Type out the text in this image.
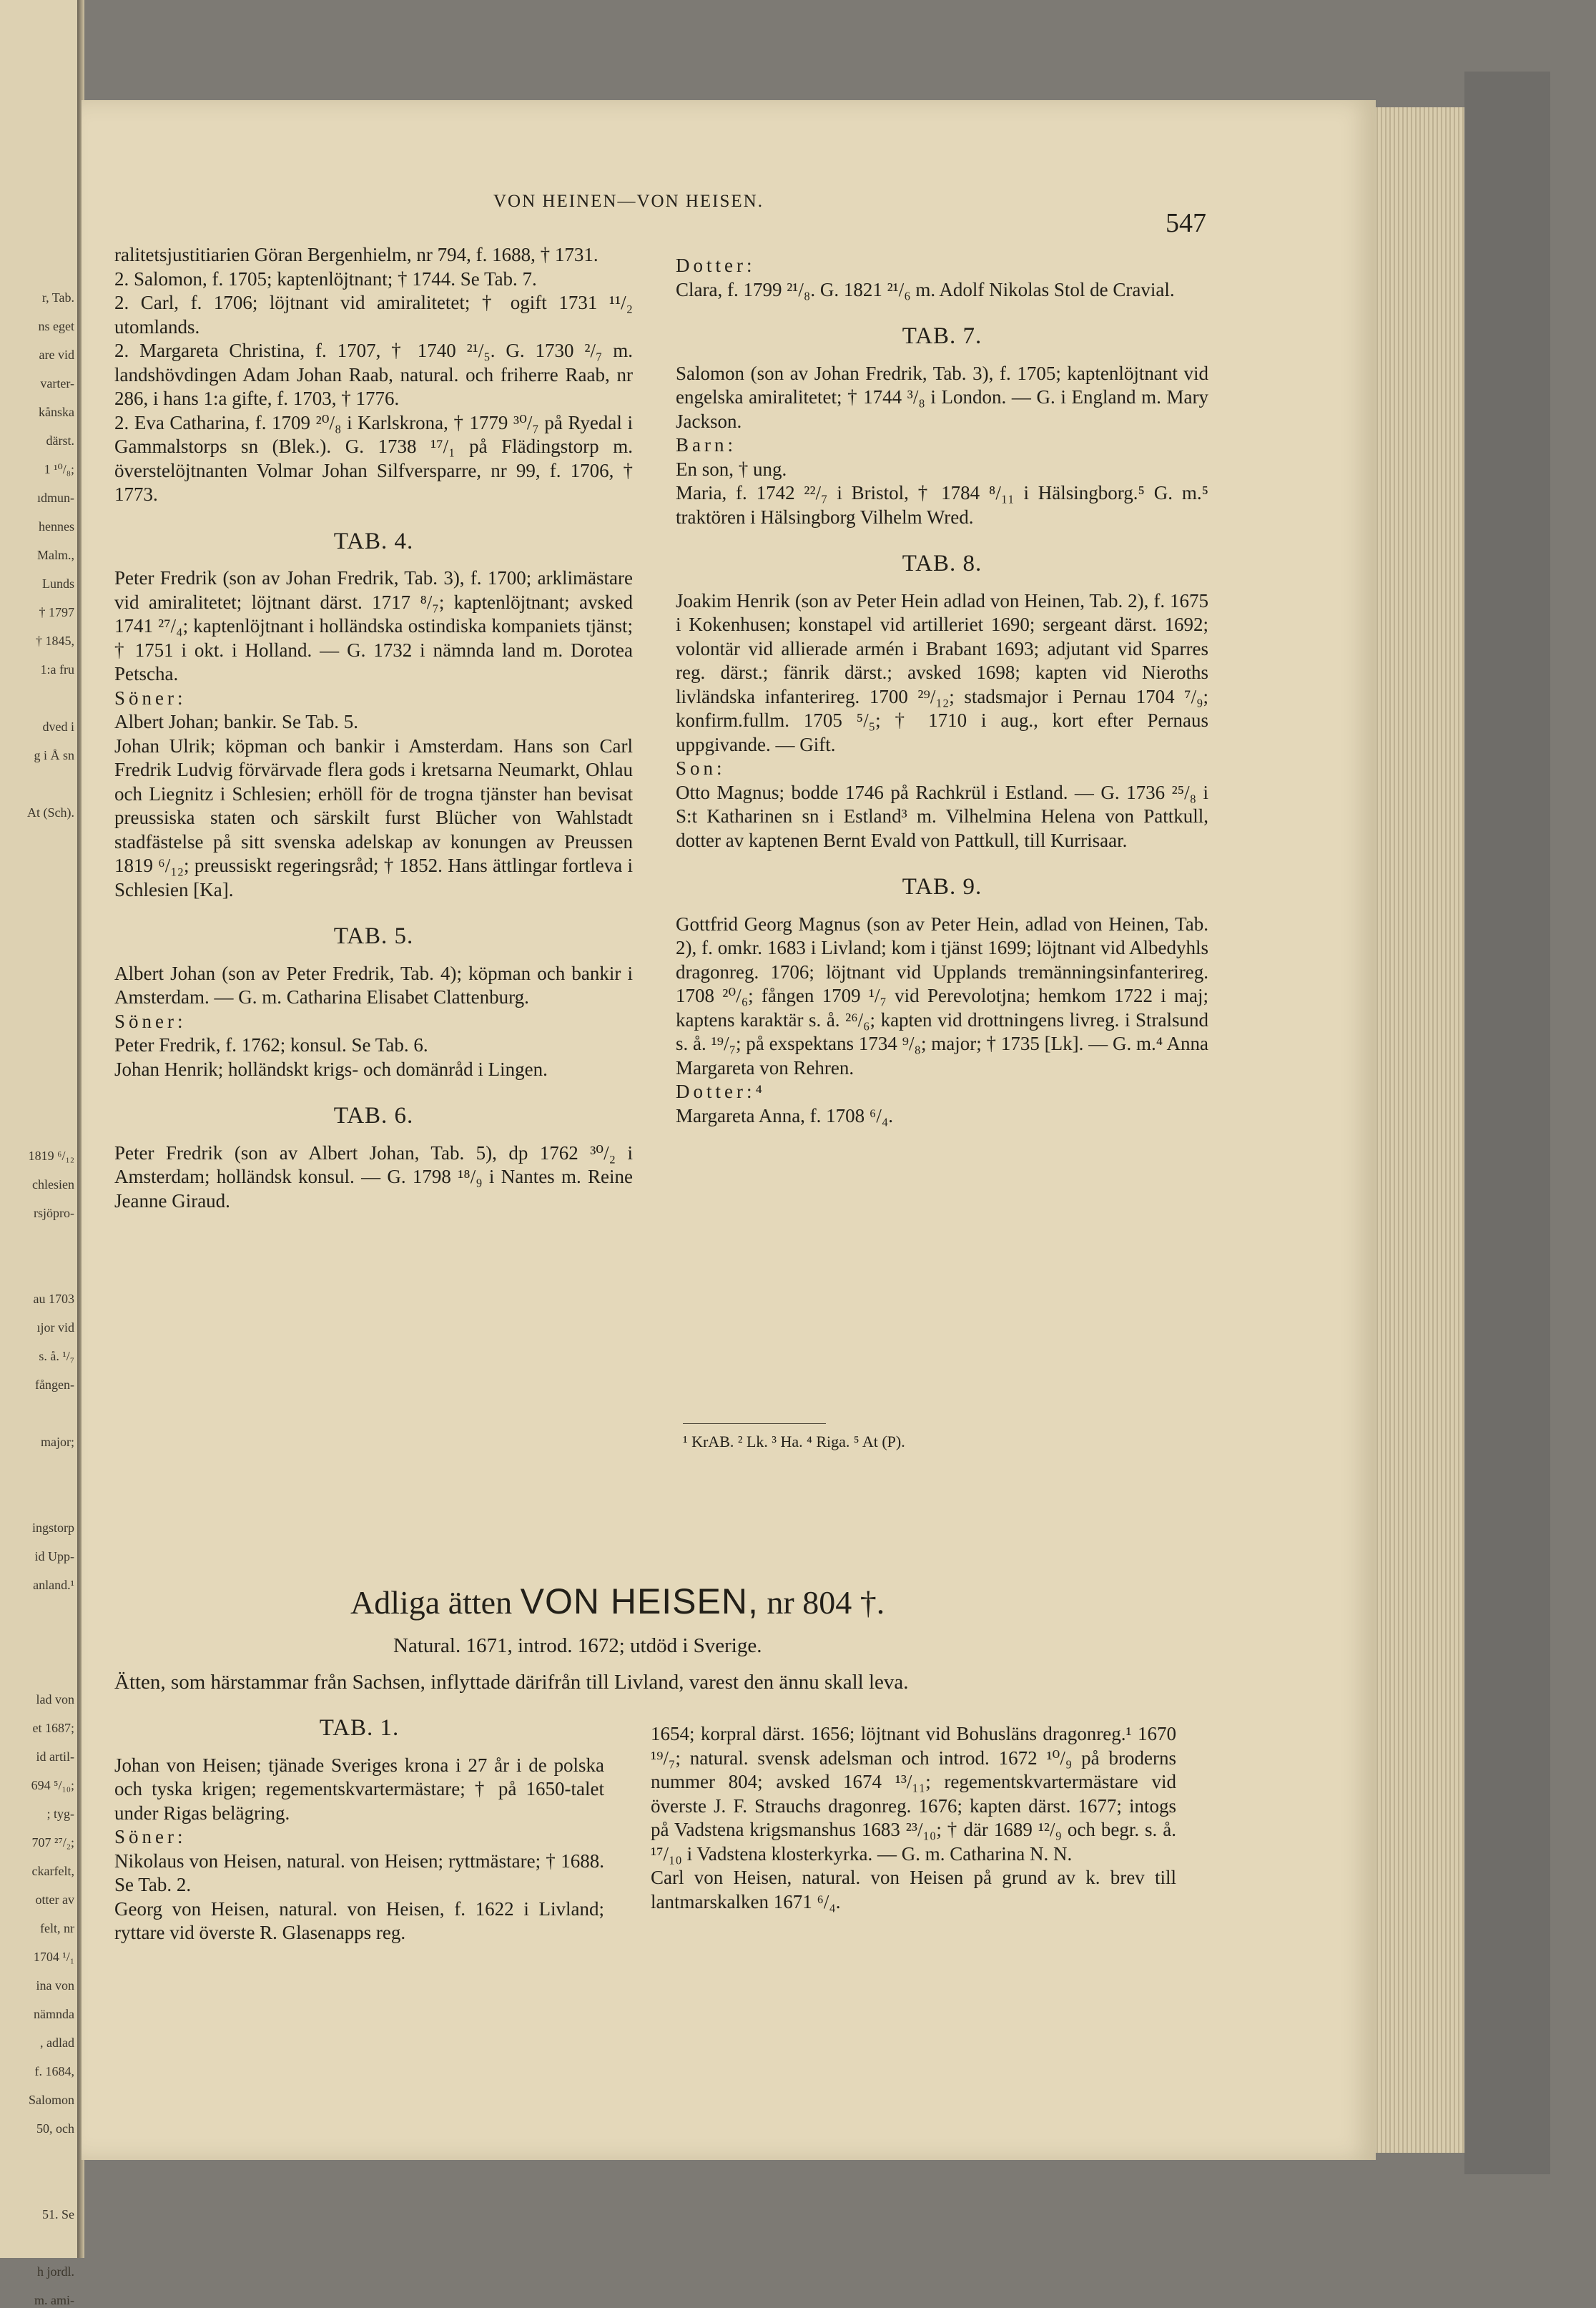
r, Tab.
ns eget
are vid
varter-
kånska
därst.
1 ¹⁰/₈;
ıdmun-
hennes
Malm.,
Lunds
† 1797
† 1845,
1:a fru
dved i
g i Å sn
At (Sch).
1819 ⁶/₁₂
chlesien
rsjöpro-
au 1703
ıjor vid
s. å. ¹/₇
fången-
major;
ingstorp
id Upp-
anland.¹
lad von
et 1687;
id artil-
694 ⁵/₁₀;
; tyg-
707 ²⁷/₂;
ckarfelt,
otter av
felt, nr
1704 ¹/₁
ina von
nämnda
, adlad
f. 1684,
Salomon
50, och
51. Se
h jordl.
m. ami-
VON HEINEN—VON HEISEN.
547

ralitetsjustitiarien Göran Bergenhielm, nr 794, f. 1688, † 1731.

2. Salomon, f. 1705; kaptenlöjtnant; † 1744. Se Tab. 7.

2. Carl, f. 1706; löjtnant vid amiralitetet; † ogift 1731 ¹¹/₂ utomlands.

2. Margareta Christina, f. 1707, † 1740 ²¹/₅. G. 1730 ²/₇ m. landshövdingen Adam Johan Raab, natural. och friherre Raab, nr 286, i hans 1:a gifte, f. 1703, † 1776.

2. Eva Catharina, f. 1709 ²⁰/₈ i Karlskrona, † 1779 ³⁰/₇ på Ryedal i Gammalstorps sn (Blek.). G. 1738 ¹⁷/₁ på Flädingstorp m. överstelöjtnanten Volmar Johan Silfversparre, nr 99, f. 1706, † 1773.

TAB. 4.

Peter Fredrik (son av Johan Fredrik, Tab. 3), f. 1700; arklimästare vid amiralitetet; löjtnant därst. 1717 ⁸/₇; kaptenlöjtnant; avsked 1741 ²⁷/₄; kaptenlöjtnant i holländska ostindiska kompaniets tjänst; † 1751 i okt. i Holland. — G. 1732 i nämnda land m. Dorotea Petscha.

Söner:

Albert Johan; bankir. Se Tab. 5.

Johan Ulrik; köpman och bankir i Amsterdam. Hans son Carl Fredrik Ludvig förvärvade flera gods i kretsarna Neumarkt, Ohlau och Liegnitz i Schlesien; erhöll för de trogna tjänster han bevisat preussiska staten och särskilt furst Blücher von Wahlstadt stadfästelse på sitt svenska adelskap av konungen av Preussen 1819 ⁶/₁₂; preussiskt regeringsråd; † 1852. Hans ättlingar fortleva i Schlesien [Ka].

TAB. 5.

Albert Johan (son av Peter Fredrik, Tab. 4); köpman och bankir i Amsterdam. — G. m. Catharina Elisabet Clattenburg.

Söner:

Peter Fredrik, f. 1762; konsul. Se Tab. 6.

Johan Henrik; holländskt krigs- och domänråd i Lingen.

TAB. 6.

Peter Fredrik (son av Albert Johan, Tab. 5), dp 1762 ³⁰/₂ i Amsterdam; holländsk konsul. — G. 1798 ¹⁸/₉ i Nantes m. Reine Jeanne Giraud.

Dotter:

Clara, f. 1799 ²¹/₈. G. 1821 ²¹/₆ m. Adolf Nikolas Stol de Cravial.

TAB. 7.

Salomon (son av Johan Fredrik, Tab. 3), f. 1705; kaptenlöjtnant vid engelska amiralitetet; † 1744 ³/₈ i London. — G. i England m. Mary Jackson.

Barn:

En son, † ung.

Maria, f. 1742 ²²/₇ i Bristol, † 1784 ⁸/₁₁ i Hälsingborg.⁵ G. m.⁵ traktören i Hälsingborg Vilhelm Wred.

TAB. 8.

Joakim Henrik (son av Peter Hein adlad von Heinen, Tab. 2), f. 1675 i Kokenhusen; konstapel vid artilleriet 1690; sergeant därst. 1692; volontär vid allierade armén i Brabant 1693; adjutant vid Sparres reg. därst.; fänrik därst.; avsked 1698; kapten vid Nieroths livländska infanterireg. 1700 ²⁹/₁₂; stadsmajor i Pernau 1704 ⁷/₉; konfirm.fullm. 1705 ⁵/₅; † 1710 i aug., kort efter Pernaus uppgivande. — Gift.

Son:

Otto Magnus; bodde 1746 på Rachkrül i Estland. — G. 1736 ²⁵/₈ i S:t Katharinen sn i Estland³ m. Vilhelmina Helena von Pattkull, dotter av kaptenen Bernt Evald von Pattkull, till Kurrisaar.

TAB. 9.

Gottfrid Georg Magnus (son av Peter Hein, adlad von Heinen, Tab. 2), f. omkr. 1683 i Livland; kom i tjänst 1699; löjtnant vid Albedyhls dragonreg. 1706; löjtnant vid Upplands tremänningsinfanterireg. 1708 ²⁰/₆; fången 1709 ¹/₇ vid Perevolotjna; hemkom 1722 i maj; kaptens karaktär s. å. ²⁶/₆; kapten vid drottningens livreg. i Stralsund s. å. ¹⁹/₇; på exspektans 1734 ⁹/₈; major; † 1735 [Lk]. — G. m.⁴ Anna Margareta von Rehren.

Dotter:⁴

Margareta Anna, f. 1708 ⁶/₄.

¹ KrAB. ² Lk. ³ Ha. ⁴ Riga. ⁵ At (P).
Adliga ätten VON HEISEN, nr 804 †.
Natural. 1671, introd. 1672; utdöd i Sverige.
Ätten, som härstammar från Sachsen, inflyttade därifrån till Livland, varest den ännu skall leva.
TAB. 1.

Johan von Heisen; tjänade Sveriges krona i 27 år i de polska och tyska krigen; regementskvartermästare; † på 1650-talet under Rigas belägring.

Söner:

Nikolaus von Heisen, natural. von Heisen; ryttmästare; † 1688. Se Tab. 2.

Georg von Heisen, natural. von Heisen, f. 1622 i Livland; ryttare vid överste R. Glasenapps reg.

1654; korpral därst. 1656; löjtnant vid Bohusläns dragonreg.¹ 1670 ¹⁹/₇; natural. svensk adelsman och introd. 1672 ¹⁰/₉ på broderns nummer 804; avsked 1674 ¹³/₁₁; regementskvartermästare vid överste J. F. Strauchs dragonreg. 1676; kapten därst. 1677; intogs på Vadstena krigsmanshus 1683 ²³/₁₀; † där 1689 ¹²/₉ och begr. s. å. ¹⁷/₁₀ i Vadstena klosterkyrka. — G. m. Catharina N. N.

Carl von Heisen, natural. von Heisen på grund av k. brev till lantmarskalken 1671 ⁶/₄.
